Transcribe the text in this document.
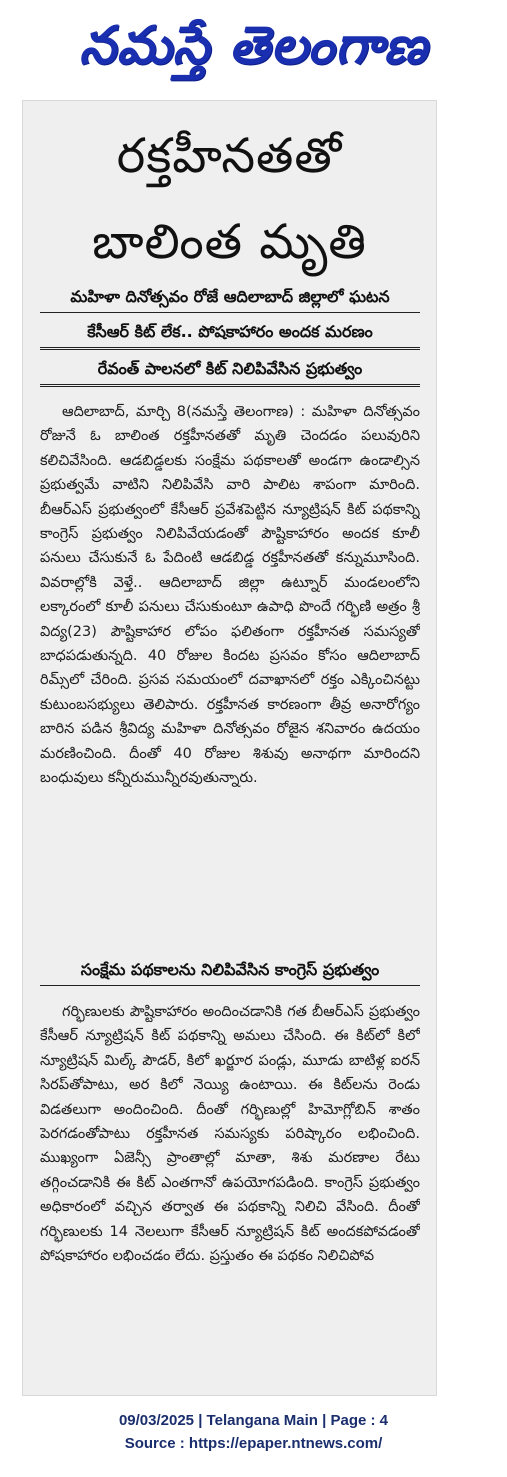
నమస్తే తెలంగాణ
రక్తహీనతతో
బాలింత మృతి
మహిళా దినోత్సవం రోజే ఆదిలాబాద్‌ జిల్లాలో ఘటన
కేసీఆర్‌ కిట్‌ లేక.. పోషకాహారం అందక మరణం
రేవంత్‌ పాలనలో కిట్‌ నిలిపివేసిన ప్రభుత్వం
ఆదిలాబాద్‌, మార్చి 8(నమస్తే తెలంగాణ) : మహిళా దినోత్సవం రోజునే ఓ బాలింత రక్తహీనతతో మృతి చెందడం పలువురిని కలిచివేసింది. ఆడబిడ్డలకు సంక్షేమ పథకాలతో అండగా ఉండాల్సిన ప్రభుత్వమే వాటిని నిలిపివేసి వారి పాలిట శాపంగా మారింది. బీఆర్‌ఎస్‌ ప్రభుత్వంలో కేసీఆర్‌ ప్రవేశపెట్టిన న్యూట్రిషన్‌ కిట్‌ పథకాన్ని కాంగ్రెస్‌ ప్రభుత్వం నిలిపివేయడంతో పౌష్టికాహారం అందక కూలీ పనులు చేసుకునే ఓ పేదింటి ఆడబిడ్డ రక్తహీనతతో కన్నుమూసింది. వివరాల్లోకి వెళ్తే.. ఆదిలాబాద్‌ జిల్లా ఉట్నూర్‌ మండలంలోని లక్కారంలో కూలీ పనులు చేసుకుంటూ ఉపాధి పొందే గర్భిణి అత్రం శ్రీ విద్య(23) పౌష్టికాహార లోపం ఫలితంగా రక్తహీనత సమస్యతో బాధపడుతున్నది. 40 రోజుల కిందట ప్రసవం కోసం ఆదిలాబాద్‌ రిమ్స్‌లో చేరింది. ప్రసవ సమయంలో దవాఖానలో రక్తం ఎక్కించినట్టు కుటుంబసభ్యులు తెలిపారు. రక్తహీనత కారణంగా తీవ్ర అనారోగ్యం బారిన పడిన శ్రీవిద్య మహిళా దినోత్సవం రోజైన శనివారం ఉదయం మరణించింది. దీంతో 40 రోజుల శిశువు అనాథగా మారిందని బంధువులు కన్నీరుమున్నీరవుతున్నారు.
సంక్షేమ పథకాలను నిలిపివేసిన కాంగ్రెస్‌ ప్రభుత్వం
గర్భిణులకు పౌష్టికాహారం అందించడానికి గత బీఆర్‌ఎస్‌ ప్రభుత్వం కేసీఆర్‌ న్యూట్రిషన్‌ కిట్‌ పథకాన్ని అమలు చేసింది. ఈ కిట్‌లో కిలో న్యూట్రిషన్‌ మిల్క్‌ పౌడర్‌, కిలో ఖర్జూర పండ్లు, మూడు బాటిళ్ల ఐరన్‌ సిరప్‌తోపాటు, అర కిలో నెయ్యి ఉంటాయి. ఈ కిట్‌లను రెండు విడతలుగా అందించింది. దీంతో గర్భిణుల్లో హిమోగ్లోబిన్‌ శాతం పెరగడంతోపాటు రక్తహీనత సమస్యకు పరిష్కారం లభించింది. ముఖ్యంగా ఏజెన్సీ ప్రాంతాల్లో మాతా, శిశు మరణాల రేటు తగ్గించడానికి ఈ కిట్‌ ఎంతగానో ఉపయోగపడింది. కాంగ్రెస్‌ ప్రభుత్వం అధికారంలో వచ్చిన తర్వాత ఈ పథకాన్ని నిలిచి వేసింది. దీంతో గర్భిణులకు 14 నెలలుగా కేసీఆర్‌ న్యూట్రిషన్‌ కిట్‌ అందకపోవడంతో పోషకాహారం లభించడం లేదు. ప్రస్తుతం ఈ పథకం నిలిచిపోవ
09/03/2025 | Telangana Main | Page : 4
Source : https://epaper.ntnews.com/
